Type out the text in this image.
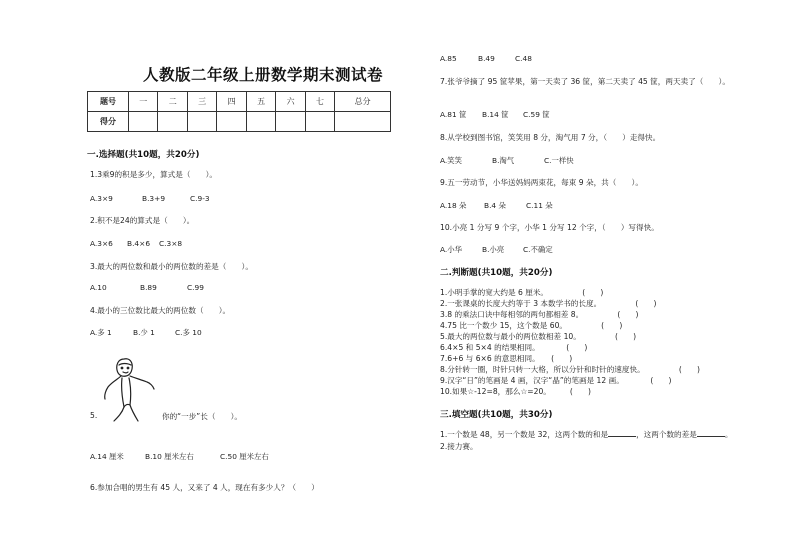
人教版二年级上册数学期末测试卷
题号	一	二	三	四	五	六	七	总分
得分								
一.选择题(共10题，共20分)
1.3乘9的积是多少，算式是（　　）。
A.3×9	B.3+9	C.9-3
2.积不是24的算式是（　　）。
A.3×6 B.4×6 C.3×8
3.最大的两位数和最小的两位数的差是（　　）。
A.10	B.89	C.99
4.最小的三位数比最大的两位数（　　）。
A.多 1	B.少 1	C.多 10
5.	你的“一步”长（　　）。
A.14 厘米	B.10 厘米左右	C.50 厘米左右
6.参加合唱的男生有 45 人，又来了 4 人，现在有多少人？（　　）
A.85	B.49	C.48
7.张爷爷摘了 95 筐苹果，第一天卖了 36 筐，第二天卖了 45 筐，两天卖了（　　）。
A.81 筐 B.14 筐 C.59 筐
8.从学校到图书馆，笑笑用 8 分，淘气用 7 分，（　　）走得快。
A.笑笑	B.淘气	C.一样快
9.五一劳动节，小华送妈妈两束花，每束 9 朵，共（　　）。
A.18 朵 B.4 朵	C.11 朵
10.小亮 1 分写 9 个字，小华 1 分写 12 个字，（　　）写得快。
A.小华	B.小亮	C.不确定
二.判断题(共10题，共20分)
1.小明手掌的宽大约是 6 厘米。　　　　　(　　)
2.一张课桌的长度大约等于 3 本数学书的长度。　　　　　(　　)
3.8 的乘法口诀中每相邻的两句都相差 8。　　　　　(　　)
4.75 比一个数少 15，这个数是 60。　　　　　(　　)
5.最大的两位数与最小的两位数相差 10。　　　　　(　　)
6.4×5 和 5×4 的结果相同。　　　　(　　)
7.6+6 与 6×6 的意思相同。　　(　　)
8.分针转一圈，时针只转一大格，所以分针和时针的速度快。　　　　　(　　)
9.汉字“日”的笔画是 4 画，汉字“晶”的笔画是 12 画。　　　　(　　)
10.如果☆-12=8，那么☆=20。　　　(　　)
三.填空题(共10题，共30分)
1.一个数是 48，另一个数是 32，这两个数的和是	，这两个数的差是	。
2.接力赛。
